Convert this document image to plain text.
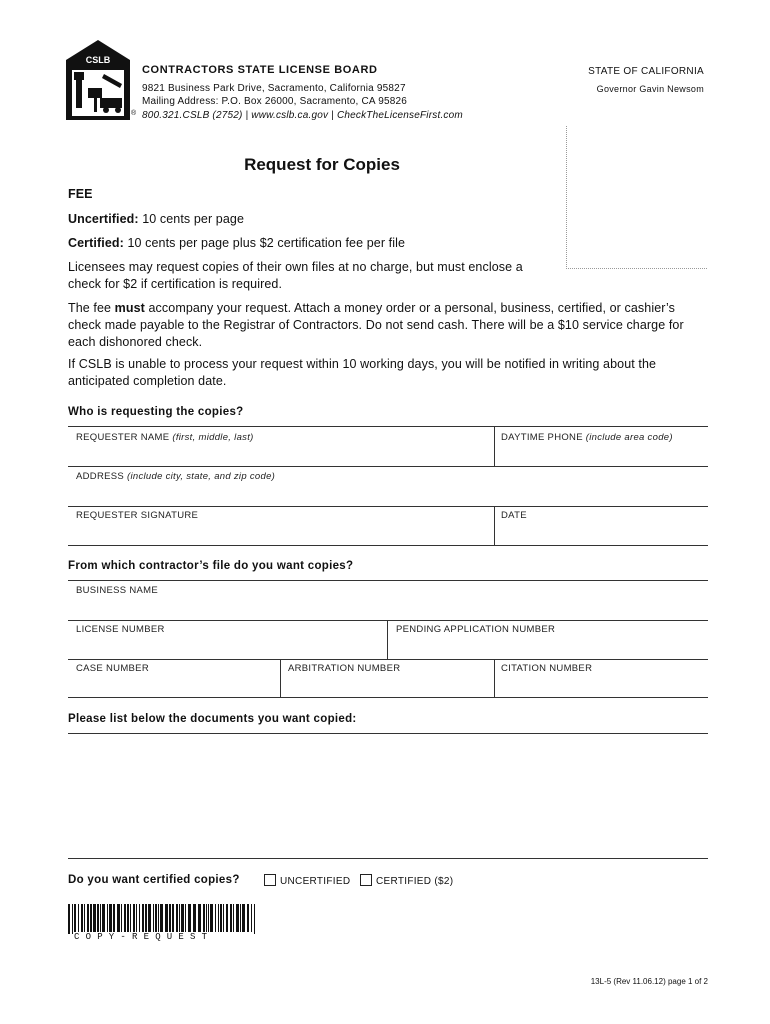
CSLB
®
CONTRACTORS STATE LICENSE BOARD
9821 Business Park Drive, Sacramento, California 95827
Mailing Address: P.O. Box 26000, Sacramento, CA 95826
800.321.CSLB (2752) | www.cslb.ca.gov | CheckTheLicenseFirst.com
STATE OF CALIFORNIA
Governor Gavin Newsom
Request for Copies
FEE
Uncertified: 10 cents per page
Certified: 10 cents per page plus $2 certification fee per file
Licensees may request copies of their own files at no charge, but must enclose a check for $2 if certification is required.
The fee must accompany your request. Attach a money order or a personal, business, certified, or cashier’s check made payable to the Registrar of Contractors. Do not send cash. There will be a $10 service charge for each dishonored check.
If CSLB is unable to process your request within 10 working days, you will be notified in writing about the anticipated completion date.
Who is requesting the copies?
REQUESTER NAME (first, middle, last)	DAYTIME PHONE (include area code)
ADDRESS (include city, state, and zip code)
REQUESTER SIGNATURE	DATE
From which contractor’s file do you want copies?
BUSINESS NAME
LICENSE NUMBER	PENDING APPLICATION NUMBER
CASE NUMBER	ARBITRATION NUMBER	CITATION NUMBER
Please list below the documents you want copied:
Do you want certified copies?	UNCERTIFIED	CERTIFIED ($2)
COPY-REQUEST
13L-5 (Rev 11.06.12) page 1 of 2
